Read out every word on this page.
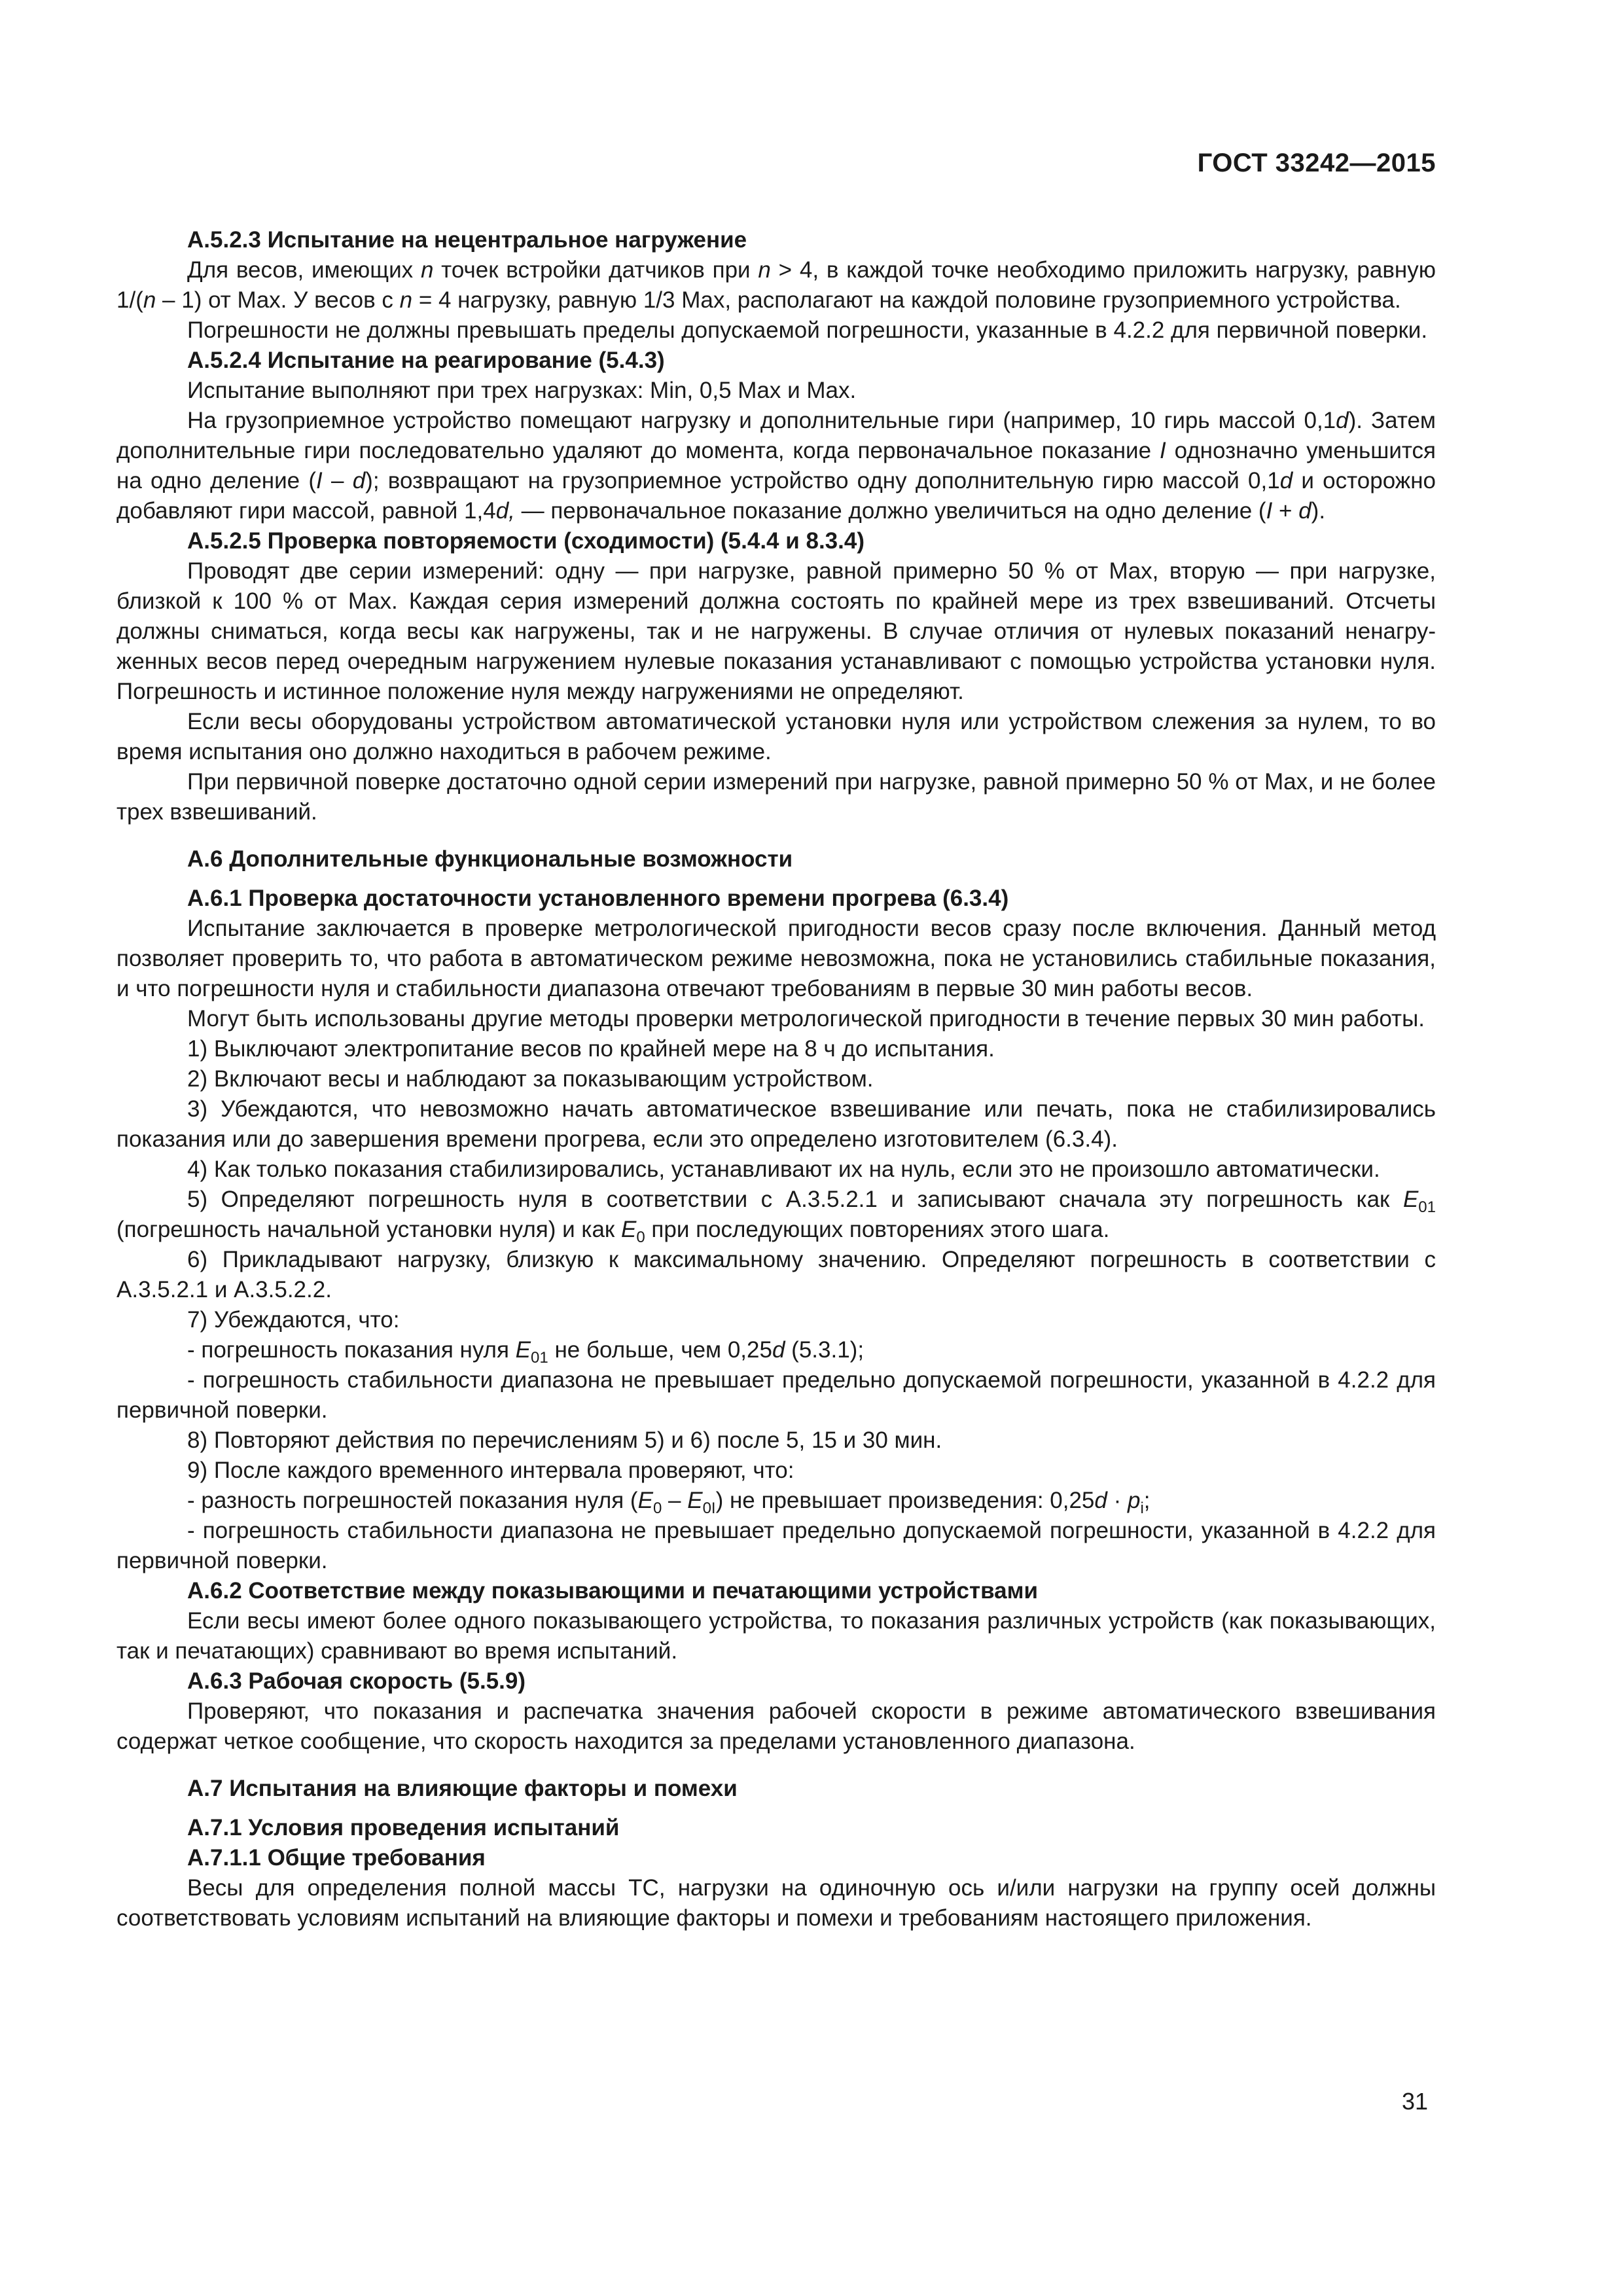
ГОСТ 33242—2015

А.5.2.3 Испытание на нецентральное нагружение

Для весов, имеющих n точек встройки датчиков при n > 4, в каждой точке необходимо приложить нагрузку, равную 1/(n – 1) от Max. У весов с n = 4 нагрузку, равную 1/3 Max, располагают на каждой половине грузоприемного устройства.

Погрешности не должны превышать пределы допускаемой погрешности, указанные в 4.2.2 для первичной поверки.

А.5.2.4 Испытание на реагирование (5.4.3)

Испытание выполняют при трех нагрузках: Min, 0,5 Max и Max.

На грузоприемное устройство помещают нагрузку и дополнительные гири (например, 10 гирь массой 0,1d). Затем дополнительные гири последовательно удаляют до момента, когда первоначальное показание I однозначно уменьшится на одно деление (I – d); возвращают на грузоприемное устройство одну дополнительную гирю массой 0,1d и осторожно добавляют гири массой, равной 1,4d, — первоначальное показание должно увеличиться на одно деление (I + d).

А.5.2.5 Проверка повторяемости (сходимости) (5.4.4 и 8.3.4)

Проводят две серии измерений: одну — при нагрузке, равной примерно 50 % от Max, вторую — при нагрузке, близкой к 100 % от Max. Каждая серия измерений должна состоять по крайней мере из трех взвешиваний. Отсчеты должны сниматься, когда весы как нагружены, так и не нагружены. В случае отличия от нулевых показаний ненагруженных весов перед очередным нагружением нулевые показания устанавливают с помощью устройства установки нуля. Погрешность и истинное положение нуля между нагружениями не определяют.

Если весы оборудованы устройством автоматической установки нуля или устройством слежения за нулем, то во время испытания оно должно находиться в рабочем режиме.

При первичной поверке достаточно одной серии измерений при нагрузке, равной примерно 50 % от Max, и не более трех взвешиваний.

А.6 Дополнительные функциональные возможности

А.6.1 Проверка достаточности установленного времени прогрева (6.3.4)

Испытание заключается в проверке метрологической пригодности весов сразу после включения. Данный метод позволяет проверить то, что работа в автоматическом режиме невозможна, пока не установились стабильные показания, и что погрешности нуля и стабильности диапазона отвечают требованиям в первые 30 мин работы весов.

Могут быть использованы другие методы проверки метрологической пригодности в течение первых 30 мин работы.

1) Выключают электропитание весов по крайней мере на 8 ч до испытания.

2) Включают весы и наблюдают за показывающим устройством.

3) Убеждаются, что невозможно начать автоматическое взвешивание или печать, пока не стабилизировались показания или до завершения времени прогрева, если это определено изготовителем (6.3.4).

4) Как только показания стабилизировались, устанавливают их на нуль, если это не произошло автоматически.

5) Определяют погрешность нуля в соответствии с А.3.5.2.1 и записывают сначала эту погрешность как $E_{01}$ (погрешность начальной установки нуля) и как $E_0$ при последующих повторениях этого шага.

6) Прикладывают нагрузку, близкую к максимальному значению. Определяют погрешность в соответствии с А.3.5.2.1 и А.3.5.2.2.

7) Убеждаются, что:

- погрешность показания нуля $E_{01}$ не больше, чем 0,25d (5.3.1);

- погрешность стабильности диапазона не превышает предельно допускаемой погрешности, указанной в 4.2.2 для первичной поверки.

8) Повторяют действия по перечислениям 5) и 6) после 5, 15 и 30 мин.

9) После каждого временного интервала проверяют, что:

- разность погрешностей показания нуля $(E_0 - E_{0I})$ не превышает произведения: $0,25d \cdot p_i$;

- погрешность стабильности диапазона не превышает предельно допускаемой погрешности, указанной в 4.2.2 для первичной поверки.

А.6.2 Соответствие между показывающими и печатающими устройствами

Если весы имеют более одного показывающего устройства, то показания различных устройств (как показывающих, так и печатающих) сравнивают во время испытаний.

А.6.3 Рабочая скорость (5.5.9)

Проверяют, что показания и распечатка значения рабочей скорости в режиме автоматического взвешивания содержат четкое сообщение, что скорость находится за пределами установленного диапазона.

А.7 Испытания на влияющие факторы и помехи

А.7.1 Условия проведения испытаний

А.7.1.1 Общие требования

Весы для определения полной массы ТС, нагрузки на одиночную ось и/или нагрузки на группу осей должны соответствовать условиям испытаний на влияющие факторы и помехи и требованиям настоящего приложения.

31
